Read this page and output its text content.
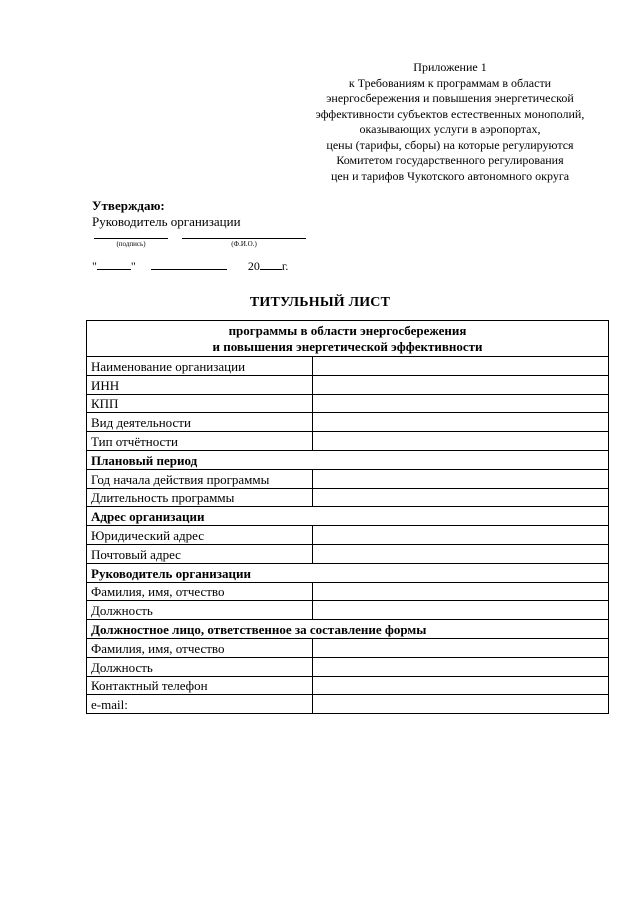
Приложение 1
к Требованиям к программам в области
энергосбережения и повышения энергетической
эффективности субъектов естественных монополий,
оказывающих услуги в аэропортах,
цены (тарифы, сборы) на которые регулируются
Комитетом государственного регулирования
цен и тарифов Чукотского автономного округа
Утверждаю:
Руководитель организации
(подпись)	(Ф.И.О.)
"	"	20 г.
ТИТУЛЬНЫЙ ЛИСТ
программы в области энергосбережения
и повышения энергетической эффективности	

Наименование организации	
ИНН	
КПП	
Вид деятельности	
Тип отчётности	
Плановый период	
Год начала действия программы	
Длительность программы	
Адрес организации	
Юридический адрес	
Почтовый адрес	
Руководитель организации	
Фамилия, имя, отчество	
Должность	
Должностное лицо, ответственное за составление формы	
Фамилия, имя, отчество	
Должность	
Контактный телефон	
e-mail:	
